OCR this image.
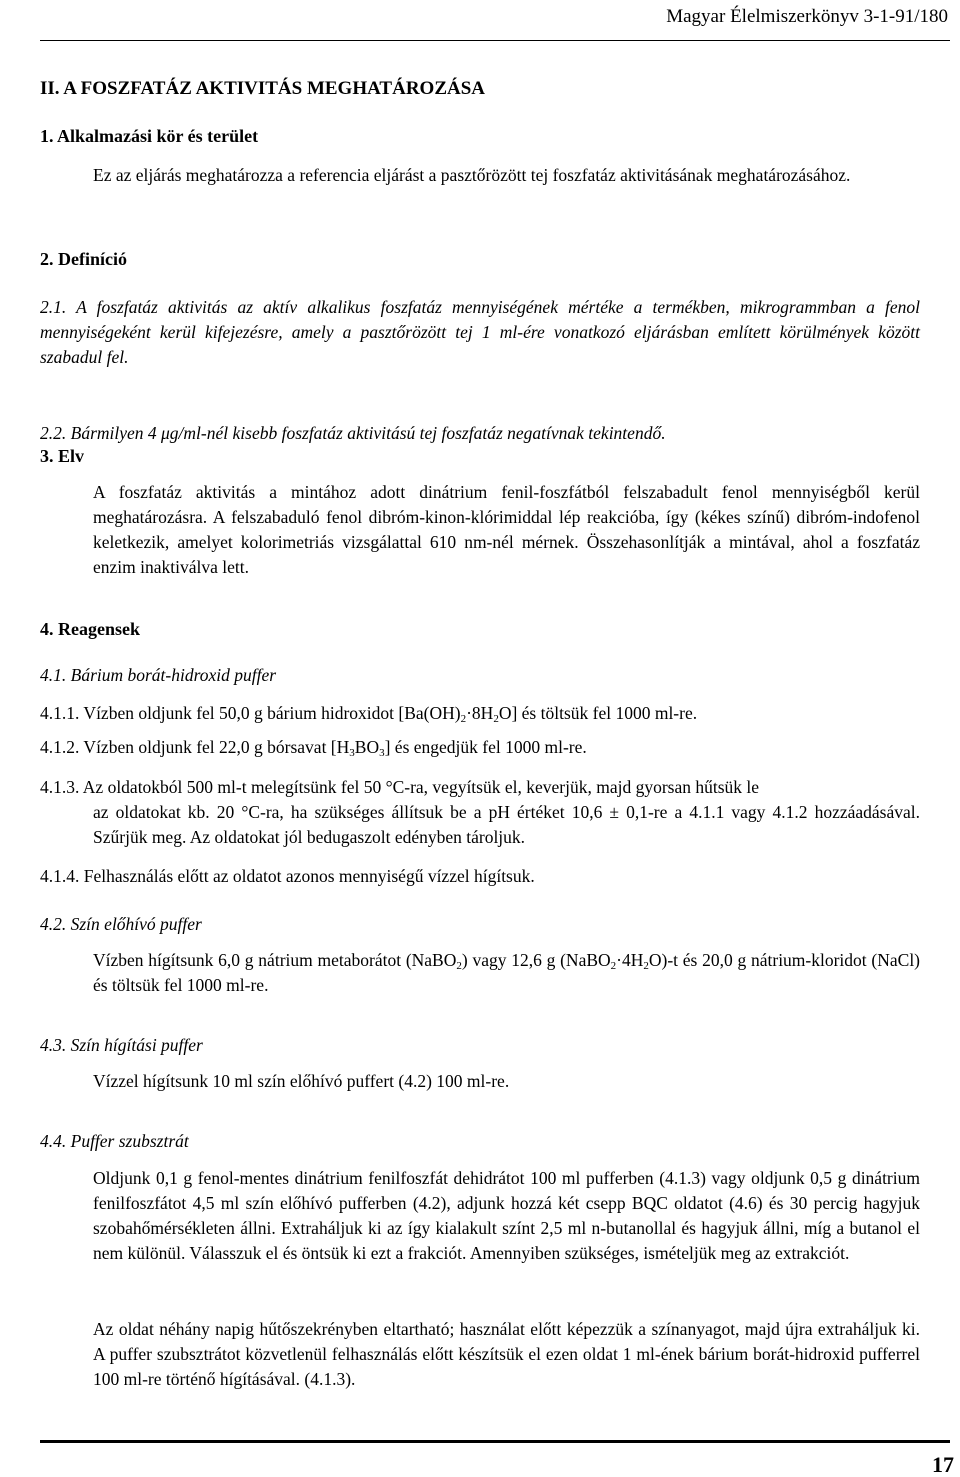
Magyar Élelmiszerkönyv 3-1-91/180
II. A FOSZFATÁZ AKTIVITÁS MEGHATÁROZÁSA
1. Alkalmazási kör és terület
Ez az eljárás meghatározza a referencia eljárást a pasztőrözött tej foszfatáz aktivitásának meghatározásához.
2. Definíció
2.1. A foszfatáz aktivitás az aktív alkalikus foszfatáz mennyiségének mértéke a termékben, mikrogrammban a fenol mennyiségeként kerül kifejezésre, amely a pasztőrözött tej 1 ml-ére vonatkozó eljárásban említett körülmények között szabadul fel.
2.2. Bármilyen 4 μg/ml-nél kisebb foszfatáz aktivitású tej foszfatáz negatívnak tekintendő.
3. Elv
A foszfatáz aktivitás a mintához adott dinátrium fenil-foszfátból felszabadult fenol mennyiségből kerül meghatározásra. A felszabaduló fenol dibróm-kinon-klórimiddal lép reakcióba, így (kékes színű) dibróm-indofenol keletkezik, amelyet kolorimetriás vizsgálattal 610 nm-nél mérnek. Összehasonlítják a mintával, ahol a foszfatáz enzim inaktiválva lett.
4. Reagensek
4.1. Bárium borát-hidroxid puffer
4.1.1. Vízben oldjunk fel 50,0 g bárium hidroxidot $[Ba(OH)_2\cdot 8H_2O]$ és töltsük fel 1000 ml-re.
4.1.2. Vízben oldjunk fel 22,0 g bórsavat $[H_3BO_3]$ és engedjük fel 1000 ml-re.
4.1.3. Az oldatokból 500 ml-t melegítsünk fel 50 °C-ra, vegyítsük el, keverjük, majd gyorsan hűtsük le
az oldatokat kb. 20 °C-ra, ha szükséges állítsuk be a pH értéket 10,6 ± 0,1-re a 4.1.1 vagy 4.1.2 hozzáadásával. Szűrjük meg. Az oldatokat jól bedugaszolt edényben tároljuk.
4.1.4. Felhasználás előtt az oldatot azonos mennyiségű vízzel hígítsuk.
4.2. Szín előhívó puffer
Vízben hígítsunk 6,0 g nátrium metaborátot (NaBO$_2$) vagy 12,6 g $(NaBO_2\cdot 4H_2O)-t$ és 20,0 g nátrium-kloridot (NaCl) és töltsük fel 1000 ml-re.
4.3. Szín hígítási puffer
Vízzel hígítsunk 10 ml szín előhívó puffert (4.2) 100 ml-re.
4.4. Puffer szubsztrát
Oldjunk 0,1 g fenol-mentes dinátrium fenilfoszfát dehidrátot 100 ml pufferben (4.1.3) vagy oldjunk 0,5 g dinátrium fenilfoszfátot 4,5 ml szín előhívó pufferben (4.2), adjunk hozzá két csepp BQC oldatot (4.6) és 30 percig hagyjuk szobahőmérsékleten állni. Extraháljuk ki az így kialakult színt 2,5 ml n-butanollal és hagyjuk állni, míg a butanol el nem különül. Válasszuk el és öntsük ki ezt a frakciót. Amennyiben szükséges, ismételjük meg az extrakciót.
Az oldat néhány napig hűtőszekrényben eltartható; használat előtt képezzük a színanyagot, majd újra extraháljuk ki. A puffer szubsztrátot közvetlenül felhasználás előtt készítsük el ezen oldat 1 ml-ének bárium borát-hidroxid pufferrel 100 ml-re történő hígításával. (4.1.3).
17
